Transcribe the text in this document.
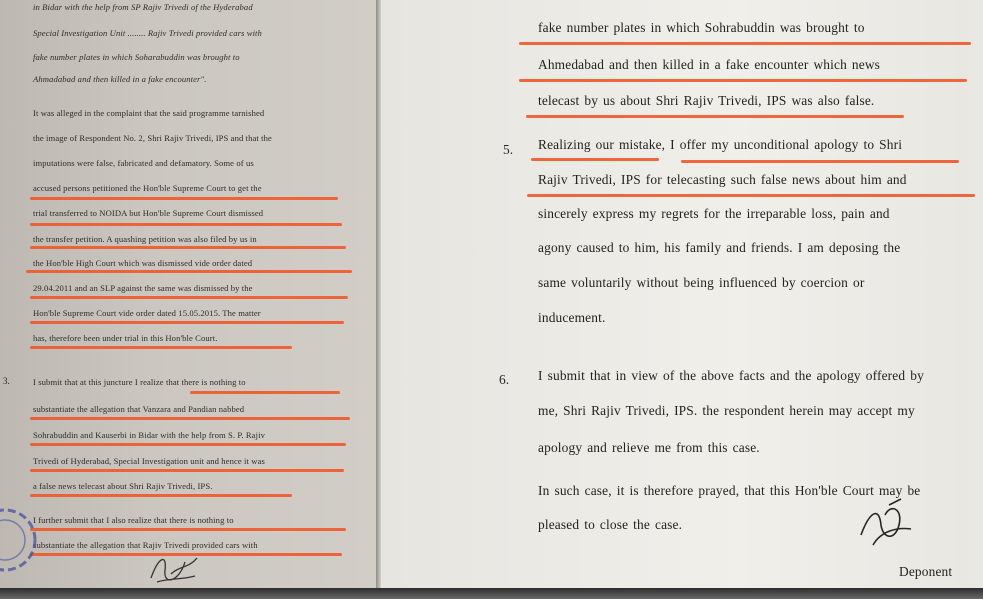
3.
in Bidar with the help from SP Rajiv Trivedi of the Hyderabad
Special Investigation Unit ........ Rajiv Trivedi provided cars with
fake number plates in which Soharabuddin was brought to
Ahmadabad and then killed in a fake encounter".
It was alleged in the complaint that the said programme tarnished
the image of Respondent No. 2, Shri Rajiv Trivedi, IPS and that the
imputations were false, fabricated and defamatory. Some of us
accused persons petitioned the Hon'ble Supreme Court to get the
trial transferred to NOIDA but Hon'ble Supreme Court dismissed
the transfer petition. A quashing petition was also filed by us in
the Hon'ble High Court which was dismissed vide order dated
29.04.2011 and an SLP against the same was dismissed by the
Hon'ble Supreme Court vide order dated 15.05.2015. The matter
has, therefore been under trial in this Hon'ble Court.
I submit that at this juncture I realize that there is nothing to
substantiate the allegation that Vanzara and Pandian nabbed
Sohrabuddin and Kauserbi in Bidar with the help from S. P. Rajiv
Trivedi of Hyderabad, Special Investigation unit and hence it was
a false news telecast about Shri Rajiv Trivedi, IPS.
I further submit that I also realize that there is nothing to
substantiate the allegation that Rajiv Trivedi provided cars with
5.
6.
fake number plates in which Sohrabuddin was brought to
Ahmedabad and then killed in a fake encounter which news
telecast by us about Shri Rajiv Trivedi, IPS was also false.
Realizing our mistake, I offer my unconditional apology to Shri
Rajiv Trivedi, IPS for telecasting such false news about him and
sincerely express my regrets for the irreparable loss, pain and
agony caused to him, his family and friends. I am deposing the
same voluntarily without being influenced by coercion or
inducement.
I submit that in view of the above facts and the apology offered by
me, Shri Rajiv Trivedi, IPS. the respondent herein may accept my
apology and relieve me from this case.
In such case, it is therefore prayed, that this Hon'ble Court may be
pleased to close the case.
Deponent
